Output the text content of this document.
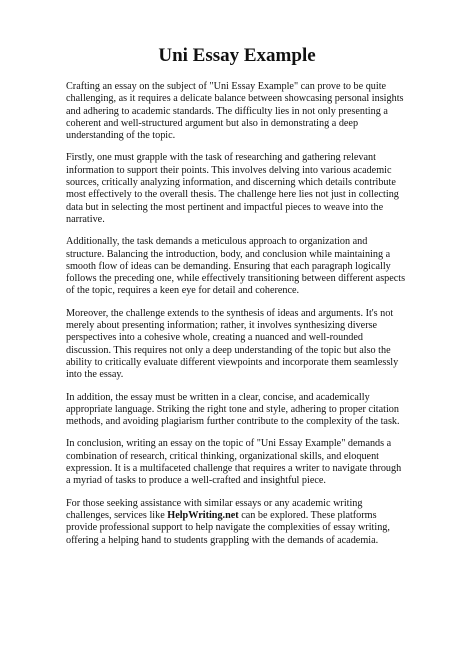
Uni Essay Example

Crafting an essay on the subject of "Uni Essay Example" can prove to be quite challenging, as it requires a delicate balance between showcasing personal insights and adhering to academic standards. The difficulty lies in not only presenting a coherent and well-structured argument but also in demonstrating a deep understanding of the topic.

Firstly, one must grapple with the task of researching and gathering relevant information to support their points. This involves delving into various academic sources, critically analyzing information, and discerning which details contribute most effectively to the overall thesis. The challenge here lies not just in collecting data but in selecting the most pertinent and impactful pieces to weave into the narrative.

Additionally, the task demands a meticulous approach to organization and structure. Balancing the introduction, body, and conclusion while maintaining a smooth flow of ideas can be demanding. Ensuring that each paragraph logically follows the preceding one, while effectively transitioning between different aspects of the topic, requires a keen eye for detail and coherence.

Moreover, the challenge extends to the synthesis of ideas and arguments. It's not merely about presenting information; rather, it involves synthesizing diverse perspectives into a cohesive whole, creating a nuanced and well-rounded discussion. This requires not only a deep understanding of the topic but also the ability to critically evaluate different viewpoints and incorporate them seamlessly into the essay.

In addition, the essay must be written in a clear, concise, and academically appropriate language. Striking the right tone and style, adhering to proper citation methods, and avoiding plagiarism further contribute to the complexity of the task.

In conclusion, writing an essay on the topic of "Uni Essay Example" demands a combination of research, critical thinking, organizational skills, and eloquent expression. It is a multifaceted challenge that requires a writer to navigate through a myriad of tasks to produce a well-crafted and insightful piece.

For those seeking assistance with similar essays or any academic writing challenges, services like HelpWriting.net can be explored. These platforms provide professional support to help navigate the complexities of essay writing, offering a helping hand to students grappling with the demands of academia.
